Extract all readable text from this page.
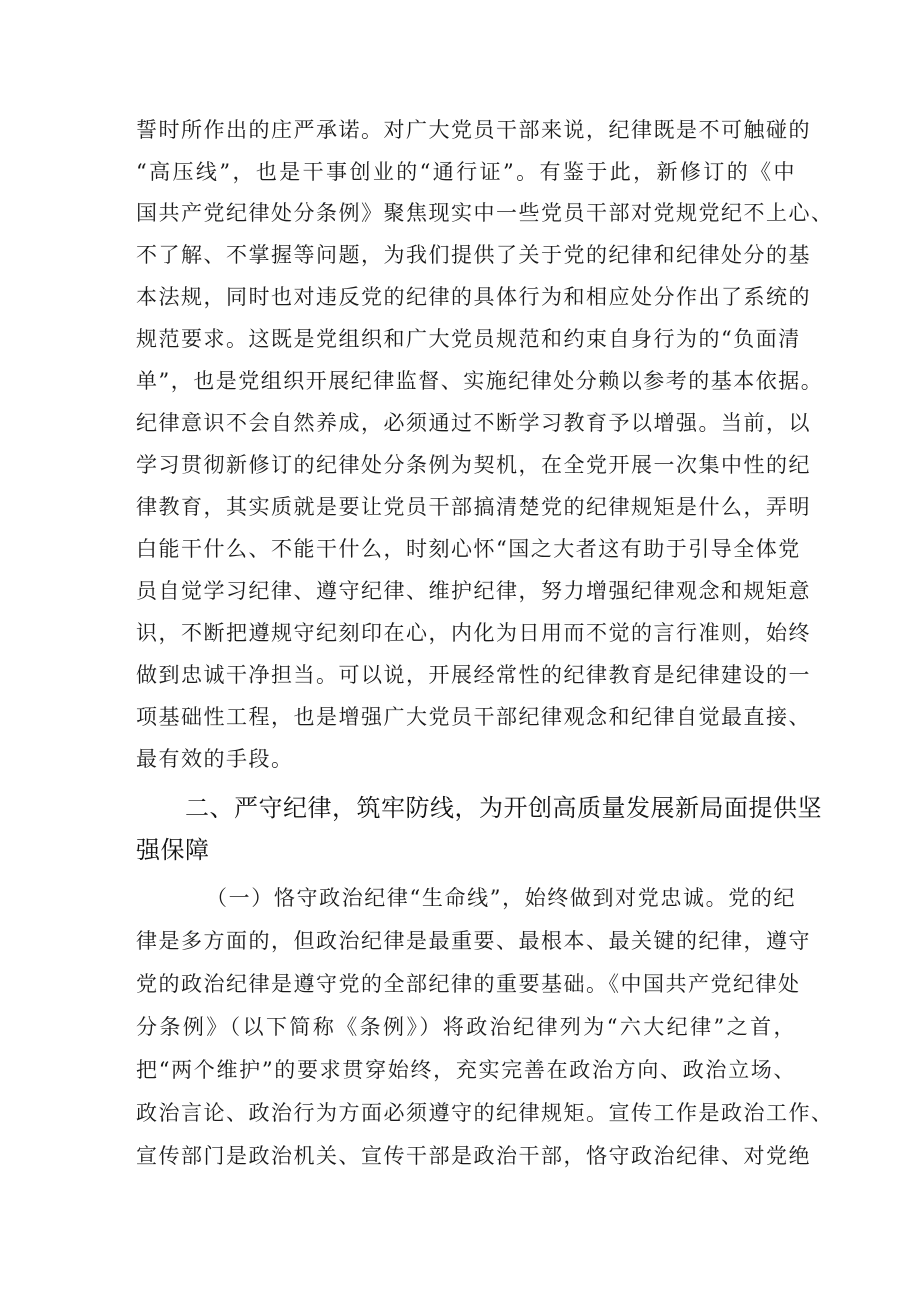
誓时所作出的庄严承诺。对广大党员干部来说，纪律既是不可触碰的
“高压线”，也是干事创业的“通行证”。有鉴于此，新修订的《中
国共产党纪律处分条例》聚焦现实中一些党员干部对党规党纪不上心、
不了解、不掌握等问题，为我们提供了关于党的纪律和纪律处分的基
本法规，同时也对违反党的纪律的具体行为和相应处分作出了系统的
规范要求。这既是党组织和广大党员规范和约束自身行为的“负面清
单”，也是党组织开展纪律监督、实施纪律处分赖以参考的基本依据。
纪律意识不会自然养成，必须通过不断学习教育予以增强。当前，以
学习贯彻新修订的纪律处分条例为契机，在全党开展一次集中性的纪
律教育，其实质就是要让党员干部搞清楚党的纪律规矩是什么，弄明
白能干什么、不能干什么，时刻心怀“国之大者这有助于引导全体党
员自觉学习纪律、遵守纪律、维护纪律，努力增强纪律观念和规矩意
识，不断把遵规守纪刻印在心，内化为日用而不觉的言行准则，始终
做到忠诚干净担当。可以说，开展经常性的纪律教育是纪律建设的一
项基础性工程，也是增强广大党员干部纪律观念和纪律自觉最直接、
最有效的手段。
二、严守纪律，筑牢防线，为开创高质量发展新局面提供坚
强保障
（一）恪守政治纪律“生命线”，始终做到对党忠诚。党的纪
律是多方面的，但政治纪律是最重要、最根本、最关键的纪律，遵守
党的政治纪律是遵守党的全部纪律的重要基础。《中国共产党纪律处
分条例》（以下简称《条例》）将政治纪律列为“六大纪律”之首，
把“两个维护”的要求贯穿始终，充实完善在政治方向、政治立场、
政治言论、政治行为方面必须遵守的纪律规矩。宣传工作是政治工作、
宣传部门是政治机关、宣传干部是政治干部，恪守政治纪律、对党绝
